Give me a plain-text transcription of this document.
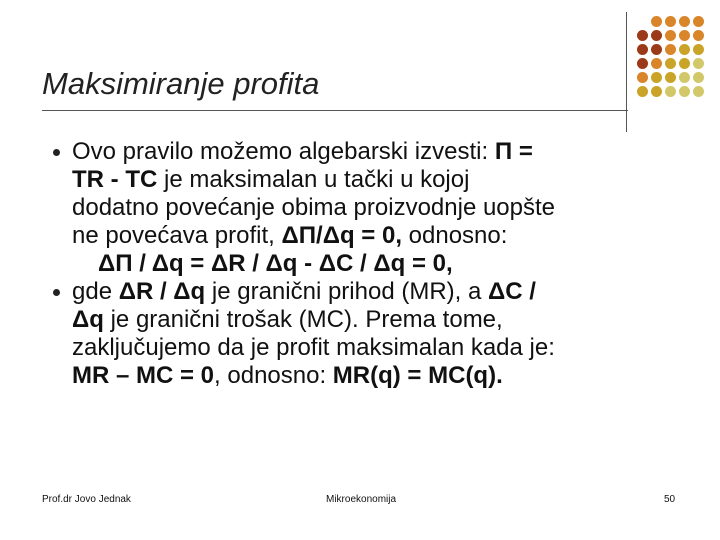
Maksimiranje profita
Ovo pravilo možemo algebarski izvesti: Π =
TR - TC je maksimalan u tački u kojoj
dodatno povećanje obima proizvodnje uopšte
ne povećava profit, ΔΠ/Δq = 0, odnosno:
ΔΠ / Δq = ΔR / Δq - ΔC / Δq = 0,
gde ΔR / Δq je granični prihod (MR), a ΔC /
Δq je granični trošak (MC). Prema tome,
zaključujemo da je profit maksimalan kada je:
MR – MC = 0, odnosno: MR(q) = MC(q).
Prof.dr Jovo Jednak	Mikroekonomija	50
